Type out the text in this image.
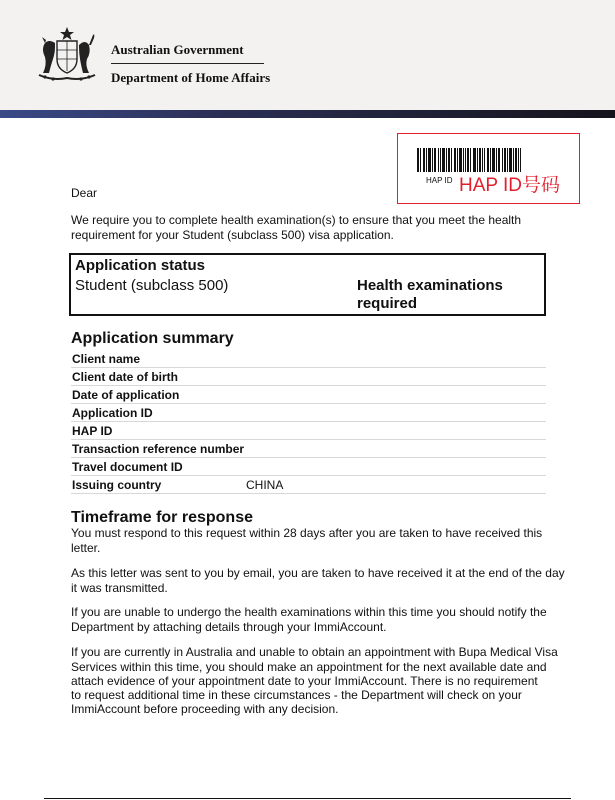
Australian Government
Department of Home Affairs
HAP ID HAP ID号码
Dear
We require you to complete health examination(s) to ensure that you meet the health
requirement for your Student (subclass 500) visa application.
Application status
Student (subclass 500)	Health examinations
required
Application summary
Client name
Client date of birth
Date of application
Application ID
HAP ID
Transaction reference number
Travel document ID
Issuing country	CHINA
Timeframe for response
You must respond to this request within 28 days after you are taken to have received this
letter.
As this letter was sent to you by email, you are taken to have received it at the end of the day
it was transmitted.
If you are unable to undergo the health examinations within this time you should notify the
Department by attaching details through your ImmiAccount.
If you are currently in Australia and unable to obtain an appointment with Bupa Medical Visa
Services within this time, you should make an appointment for the next available date and
attach evidence of your appointment date to your ImmiAccount. There is no requirement
to request additional time in these circumstances - the Department will check on your
ImmiAccount before proceeding with any decision.
